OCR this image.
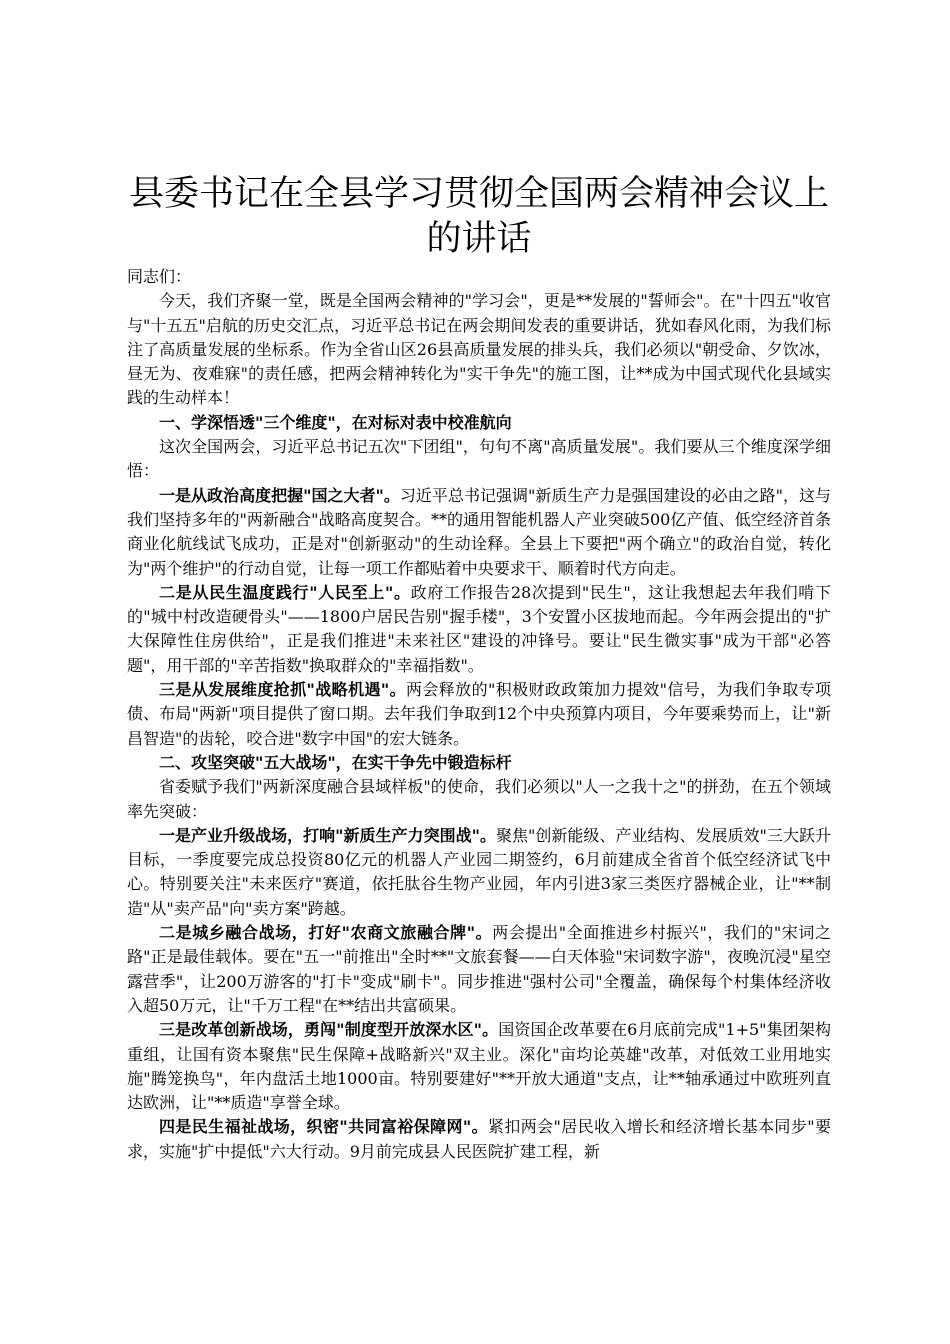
县委书记在全县学习贯彻全国两会精神会议上的讲话

同志们：

今天，我们齐聚一堂，既是全国两会精神的"学习会"，更是**发展的"誓师会"。在"十四五"收官与"十五五"启航的历史交汇点，习近平总书记在两会期间发表的重要讲话，犹如春风化雨，为我们标注了高质量发展的坐标系。作为全省山区26县高质量发展的排头兵，我们必须以"朝受命、夕饮冰，昼无为、夜难寐"的责任感，把两会精神转化为"实干争先"的施工图，让**成为中国式现代化县域实践的生动样本！

一、学深悟透"三个维度"，在对标对表中校准航向

这次全国两会，习近平总书记五次"下团组"，句句不离"高质量发展"。我们要从三个维度深学细悟：

一是从政治高度把握"国之大者"。习近平总书记强调"新质生产力是强国建设的必由之路"，这与我们坚持多年的"两新融合"战略高度契合。**的通用智能机器人产业突破500亿产值、低空经济首条商业化航线试飞成功，正是对"创新驱动"的生动诠释。全县上下要把"两个确立"的政治自觉，转化为"两个维护"的行动自觉，让每一项工作都贴着中央要求干、顺着时代方向走。

二是从民生温度践行"人民至上"。政府工作报告28次提到"民生"，这让我想起去年我们啃下的"城中村改造硬骨头"——1800户居民告别"握手楼"，3个安置小区拔地而起。今年两会提出的"扩大保障性住房供给"，正是我们推进"未来社区"建设的冲锋号。要让"民生微实事"成为干部"必答题"，用干部的"辛苦指数"换取群众的"幸福指数"。

三是从发展维度抢抓"战略机遇"。两会释放的"积极财政政策加力提效"信号，为我们争取专项债、布局"两新"项目提供了窗口期。去年我们争取到12个中央预算内项目，今年要乘势而上，让"新昌智造"的齿轮，咬合进"数字中国"的宏大链条。

二、攻坚突破"五大战场"，在实干争先中锻造标杆

省委赋予我们"两新深度融合县域样板"的使命，我们必须以"人一之我十之"的拼劲，在五个领域率先突破：

一是产业升级战场，打响"新质生产力突围战"。聚焦"创新能级、产业结构、发展质效"三大跃升目标，一季度要完成总投资80亿元的机器人产业园二期签约，6月前建成全省首个低空经济试飞中心。特别要关注"未来医疗"赛道，依托肽谷生物产业园，年内引进3家三类医疗器械企业，让"**制造"从"卖产品"向"卖方案"跨越。

二是城乡融合战场，打好"农商文旅融合牌"。两会提出"全面推进乡村振兴"，我们的"宋词之路"正是最佳载体。要在"五一"前推出"全时**"文旅套餐——白天体验"宋词数字游"，夜晚沉浸"星空露营季"，让200万游客的"打卡"变成"刷卡"。同步推进"强村公司"全覆盖，确保每个村集体经济收入超50万元，让"千万工程"在**结出共富硕果。

三是改革创新战场，勇闯"制度型开放深水区"。国资国企改革要在6月底前完成"1+5"集团架构重组，让国有资本聚焦"民生保障+战略新兴"双主业。深化"亩均论英雄"改革，对低效工业用地实施"腾笼换鸟"，年内盘活土地1000亩。特别要建好"**开放大通道"支点，让**轴承通过中欧班列直达欧洲，让"**质造"享誉全球。

四是民生福祉战场，织密"共同富裕保障网"。紧扣两会"居民收入增长和经济增长基本同步"要求，实施"扩中提低"六大行动。9月前完成县人民医院扩建工程，新
